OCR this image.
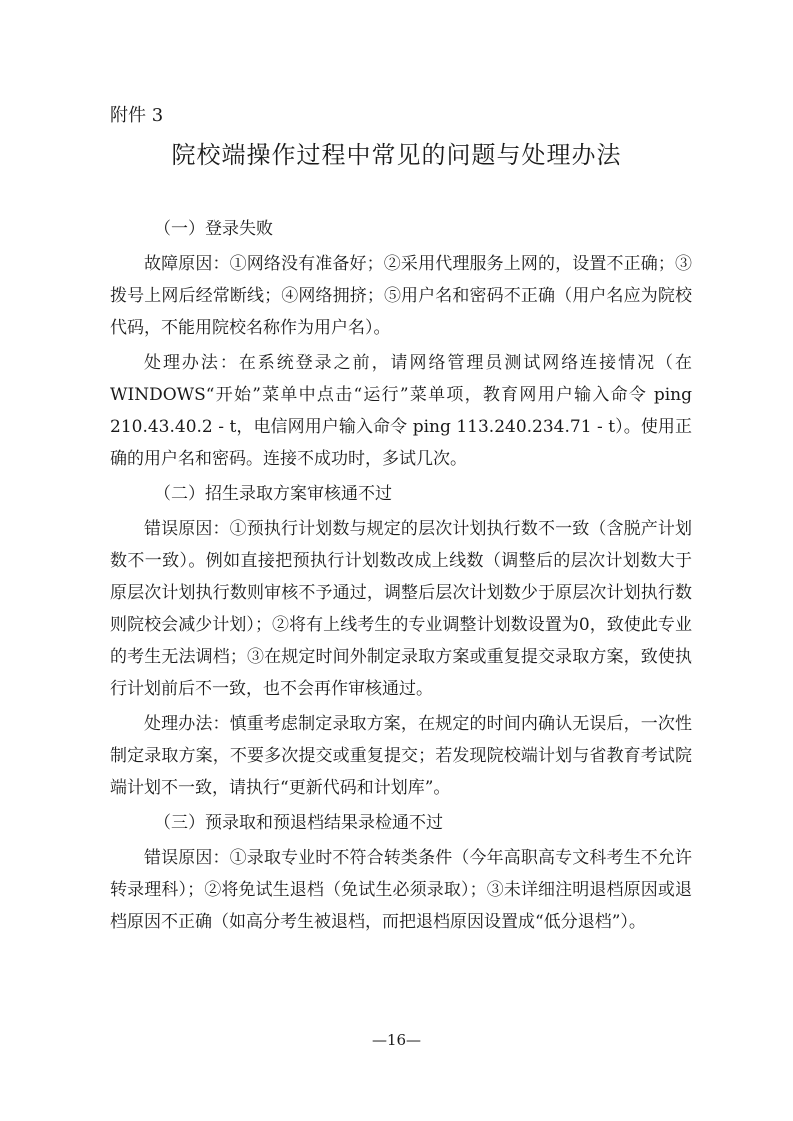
附件 3
院校端操作过程中常见的问题与处理办法
（一）登录失败

故障原因：①网络没有准备好；②采用代理服务上网的，设置不正确；③拨号上网后经常断线；④网络拥挤；⑤用户名和密码不正确（用户名应为院校代码，不能用院校名称作为用户名）。

处理办法：在系统登录之前，请网络管理员测试网络连接情况（在WINDOWS“开始”菜单中点击“运行”菜单项，教育网用户输入命令 ping 210.43.40.2 - t，电信网用户输入命令 ping 113.240.234.71 - t）。使用正确的用户名和密码。连接不成功时，多试几次。

（二）招生录取方案审核通不过

错误原因：①预执行计划数与规定的层次计划执行数不一致（含脱产计划数不一致）。例如直接把预执行计划数改成上线数（调整后的层次计划数大于原层次计划执行数则审核不予通过，调整后层次计划数少于原层次计划执行数则院校会减少计划）；②将有上线考生的专业调整计划数设置为0，致使此专业的考生无法调档；③在规定时间外制定录取方案或重复提交录取方案，致使执行计划前后不一致，也不会再作审核通过。

处理办法：慎重考虑制定录取方案，在规定的时间内确认无误后，一次性制定录取方案，不要多次提交或重复提交；若发现院校端计划与省教育考试院端计划不一致，请执行“更新代码和计划库”。

（三）预录取和预退档结果录检通不过

错误原因：①录取专业时不符合转类条件（今年高职高专文科考生不允许转录理科）；②将免试生退档（免试生必须录取）；③未详细注明退档原因或退档原因不正确（如高分考生被退档，而把退档原因设置成“低分退档”）。

—16—
